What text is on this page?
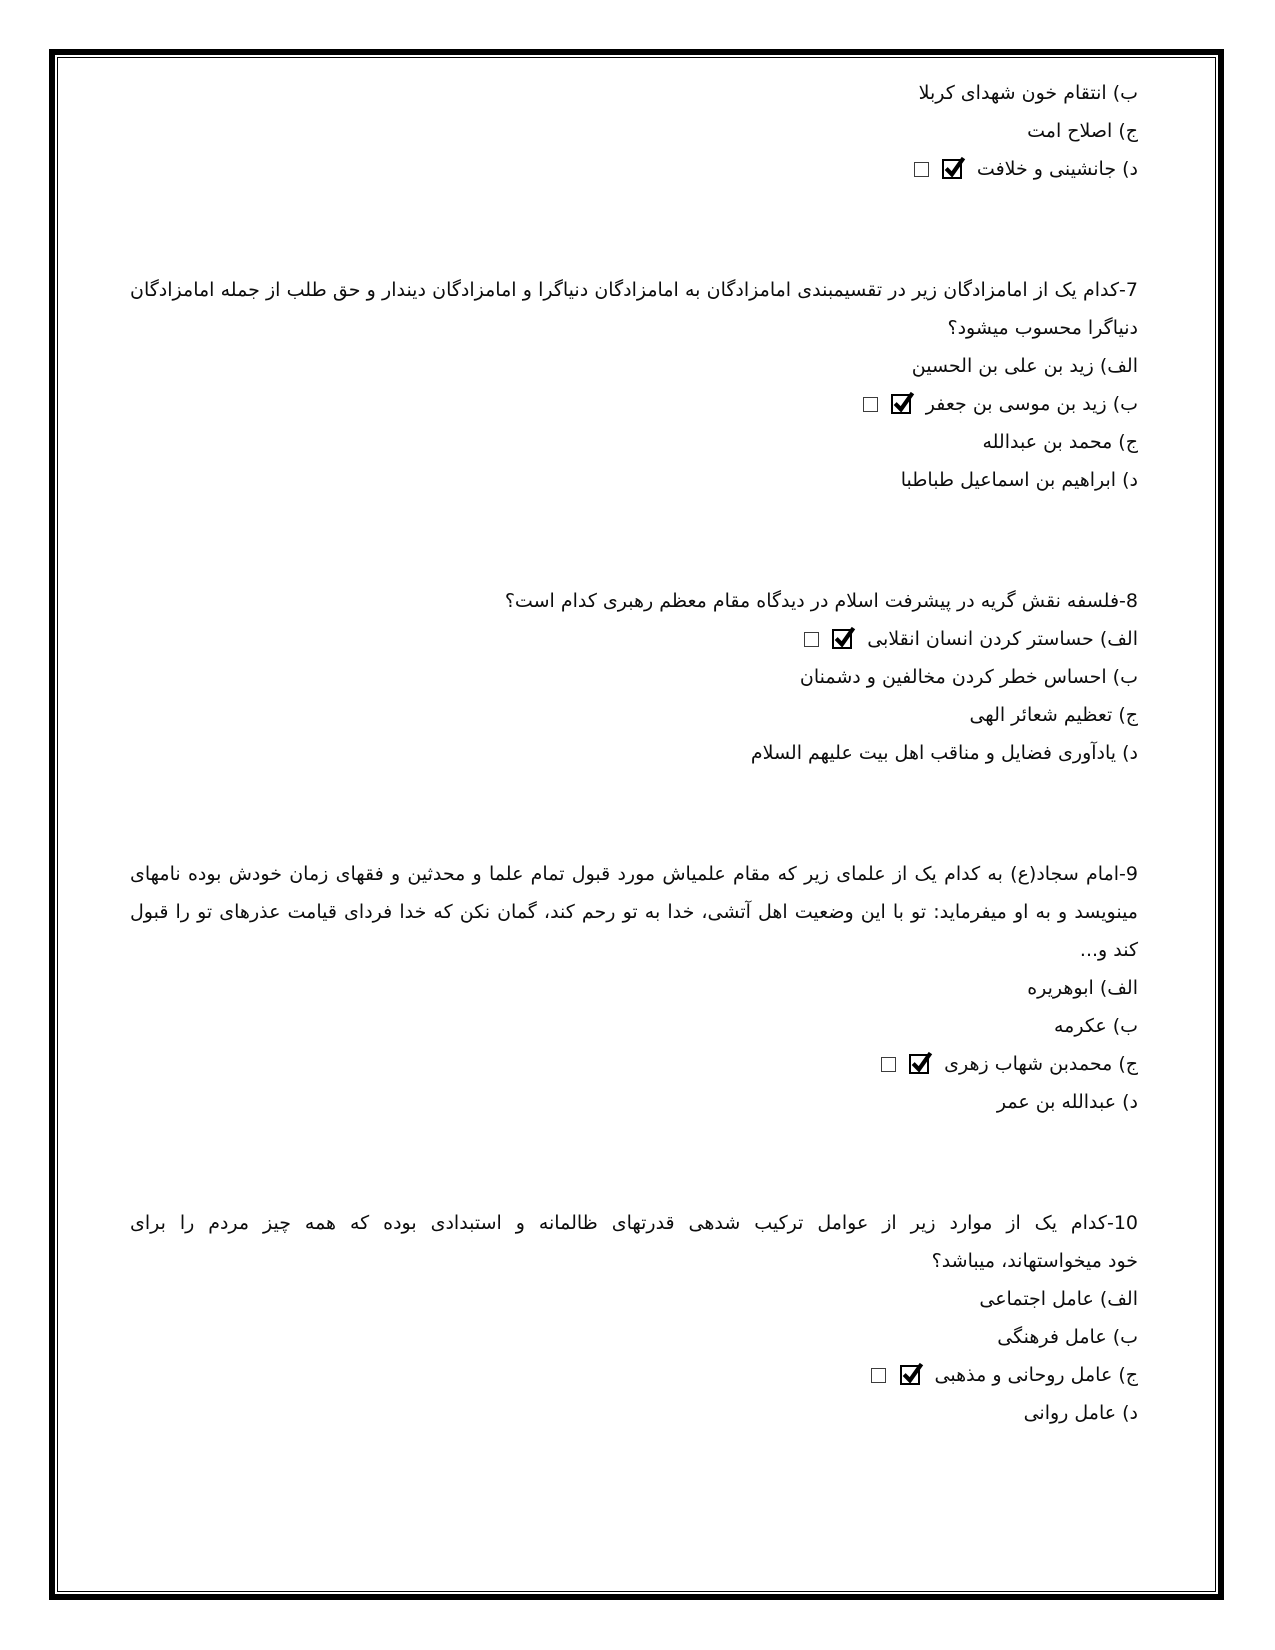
ب) انتقام خون شهدای کربلا
ج) اصلاح امت
د) جانشینی و خلافت

7-کدام یک از امامزادگان زیر در تقسیمبندی امامزادگان به امامزادگان دنیاگرا و امامزادگان دیندار و حق طلب از جمله امامزادگان
دنیاگرا محسوب میشود؟
الف) زید بن علی بن الحسین
ب) زید بن موسی بن جعفر

ج) محمد بن عبدالله
د) ابراهیم بن اسماعیل طباطبا
8-فلسفه نقش گریه در پیشرفت اسلام در دیدگاه مقام معظم رهبری کدام است؟
الف) حساستر کردن انسان انقلابی

ب) احساس خطر کردن مخالفین و دشمنان
ج) تعظیم شعائر الهی
د) یادآوری فضایل و مناقب اهل بیت علیهم السلام
9-امام سجاد(ع) به کدام یک از علمای زیر که مقام علمیاش مورد قبول تمام علما و محدثین و فقهای زمان خودش بوده نامهای
مینویسد و به او میفرماید: تو با این وضعیت اهل آتشی، خدا به تو رحم کند، گمان نکن که خدا فردای قیامت عذرهای تو را قبول
کند و...
الف) ابوهریره
ب) عکرمه
ج) محمدبن شهاب زهری

د) عبدالله بن عمر
10-کدام یک از موارد زیر از عوامل ترکیب شدهی قدرتهای ظالمانه و استبدادی بوده که همه چیز مردم را برای
خود میخواستهاند، میباشد؟
الف) عامل اجتماعی
ب) عامل فرهنگی
ج) عامل روحانی و مذهبی

د) عامل روانی
